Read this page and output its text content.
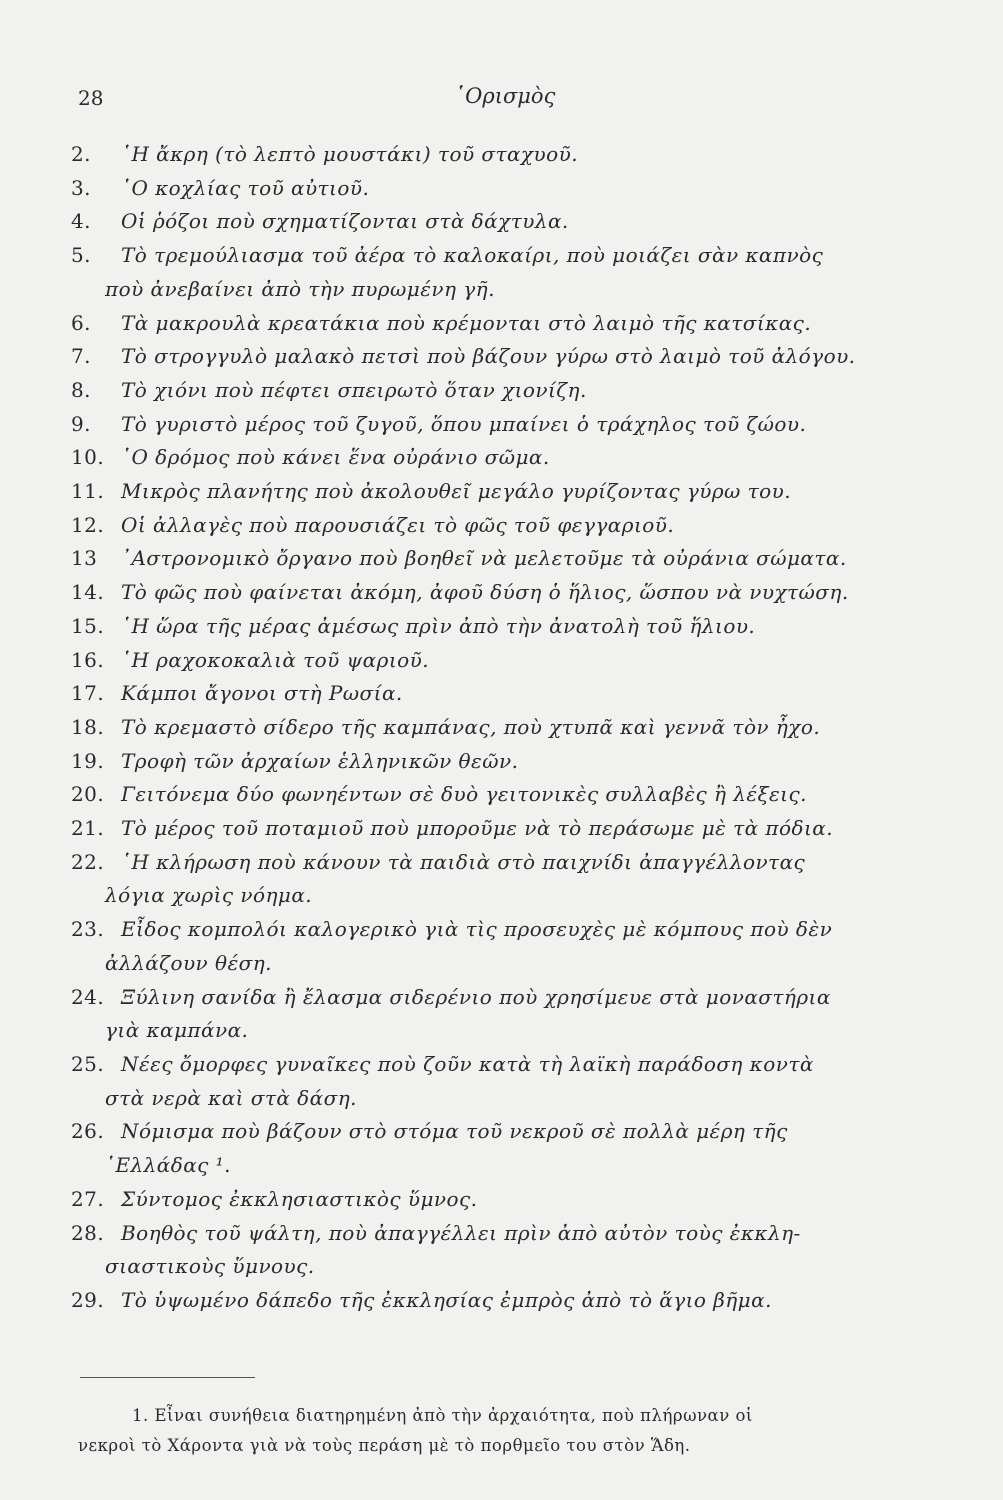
28	῾Ορισμὸς
2. ῾Η ἄκρη (τὸ λεπτὸ μουστάκι) τοῦ σταχυοῦ.
3. ῾Ο κοχλίας τοῦ αὐτιοῦ.
4. Οἱ ῥόζοι ποὺ σχηματίζονται στὰ δάχτυλα.
5. Τὸ τρεμούλιασμα τοῦ ἀέρα τὸ καλοκαίρι, ποὺ μοιάζει σὰν καπνὸς
ποὺ ἀνεβαίνει ἀπὸ τὴν πυρωμένη γῆ.
6. Τὰ μακρουλὰ κρεατάκια ποὺ κρέμονται στὸ λαιμὸ τῆς κατσίκας.
7. Τὸ στρογγυλὸ μαλακὸ πετσὶ ποὺ βάζουν γύρω στὸ λαιμὸ τοῦ ἀλόγου.
8. Τὸ χιόνι ποὺ πέφτει σπειρωτὸ ὅταν χιονίζη.
9. Τὸ γυριστὸ μέρος τοῦ ζυγοῦ, ὅπου μπαίνει ὁ τράχηλος τοῦ ζώου.
10. ῾Ο δρόμος ποὺ κάνει ἕνα οὐράνιο σῶμα.
11. Μικρὸς πλανήτης ποὺ ἀκολουθεῖ μεγάλο γυρίζοντας γύρω του.
12. Οἱ ἀλλαγὲς ποὺ παρουσιάζει τὸ φῶς τοῦ φεγγαριοῦ.
13 ᾿Αστρονομικὸ ὄργανο ποὺ βοηθεῖ νὰ μελετοῦμε τὰ οὐράνια σώματα.
14. Τὸ φῶς ποὺ φαίνεται ἀκόμη, ἀφοῦ δύση ὁ ἥλιος, ὥσπου νὰ νυχτώση.
15. ῾Η ὥρα τῆς μέρας ἀμέσως πρὶν ἀπὸ τὴν ἀνατολὴ τοῦ ἥλιου.
16. ῾Η ραχοκοκαλιὰ τοῦ ψαριοῦ.
17. Κάμποι ἄγονοι στὴ Ρωσία.
18. Τὸ κρεμαστὸ σίδερο τῆς καμπάνας, ποὺ χτυπᾶ καὶ γεννᾶ τὸν ἦχο.
19. Τροφὴ τῶν ἀρχαίων ἑλληνικῶν θεῶν.
20. Γειτόνεμα δύο φωνηέντων σὲ δυὸ γειτονικὲς συλλαβὲς ἢ λέξεις.
21. Τὸ μέρος τοῦ ποταμιοῦ ποὺ μποροῦμε νὰ τὸ περάσωμε μὲ τὰ πόδια.
22. ῾Η κλήρωση ποὺ κάνουν τὰ παιδιὰ στὸ παιχνίδι ἀπαγγέλλοντας
λόγια χωρὶς νόημα.
23. Εἶδος κομπολόι καλογερικὸ γιὰ τὶς προσευχὲς μὲ κόμπους ποὺ δὲν
ἀλλάζουν θέση.
24. Ξύλινη σανίδα ἢ ἔλασμα σιδερένιο ποὺ χρησίμευε στὰ μοναστήρια
γιὰ καμπάνα.
25. Νέες ὄμορφες γυναῖκες ποὺ ζοῦν κατὰ τὴ λαϊκὴ παράδοση κοντὰ
στὰ νερὰ καὶ στὰ δάση.
26. Νόμισμα ποὺ βάζουν στὸ στόμα τοῦ νεκροῦ σὲ πολλὰ μέρη τῆς
῾Ελλάδας ¹.
27. Σύντομος ἐκκλησιαστικὸς ὕμνος.
28. Βοηθὸς τοῦ ψάλτη, ποὺ ἀπαγγέλλει πρὶν ἀπὸ αὐτὸν τοὺς ἐκκλη-
σιαστικοὺς ὕμνους.
29. Τὸ ὑψωμένο δάπεδο τῆς ἐκκλησίας ἐμπρὸς ἀπὸ τὸ ἅγιο βῆμα.
1. Εἶναι συνήθεια διατηρημένη ἀπὸ τὴν ἀρχαιότητα, ποὺ πλήρωναν οἱ
νεκροὶ τὸ Χάροντα γιὰ νὰ τοὺς περάση μὲ τὸ πορθμεῖο του στὸν Ἅδη.
